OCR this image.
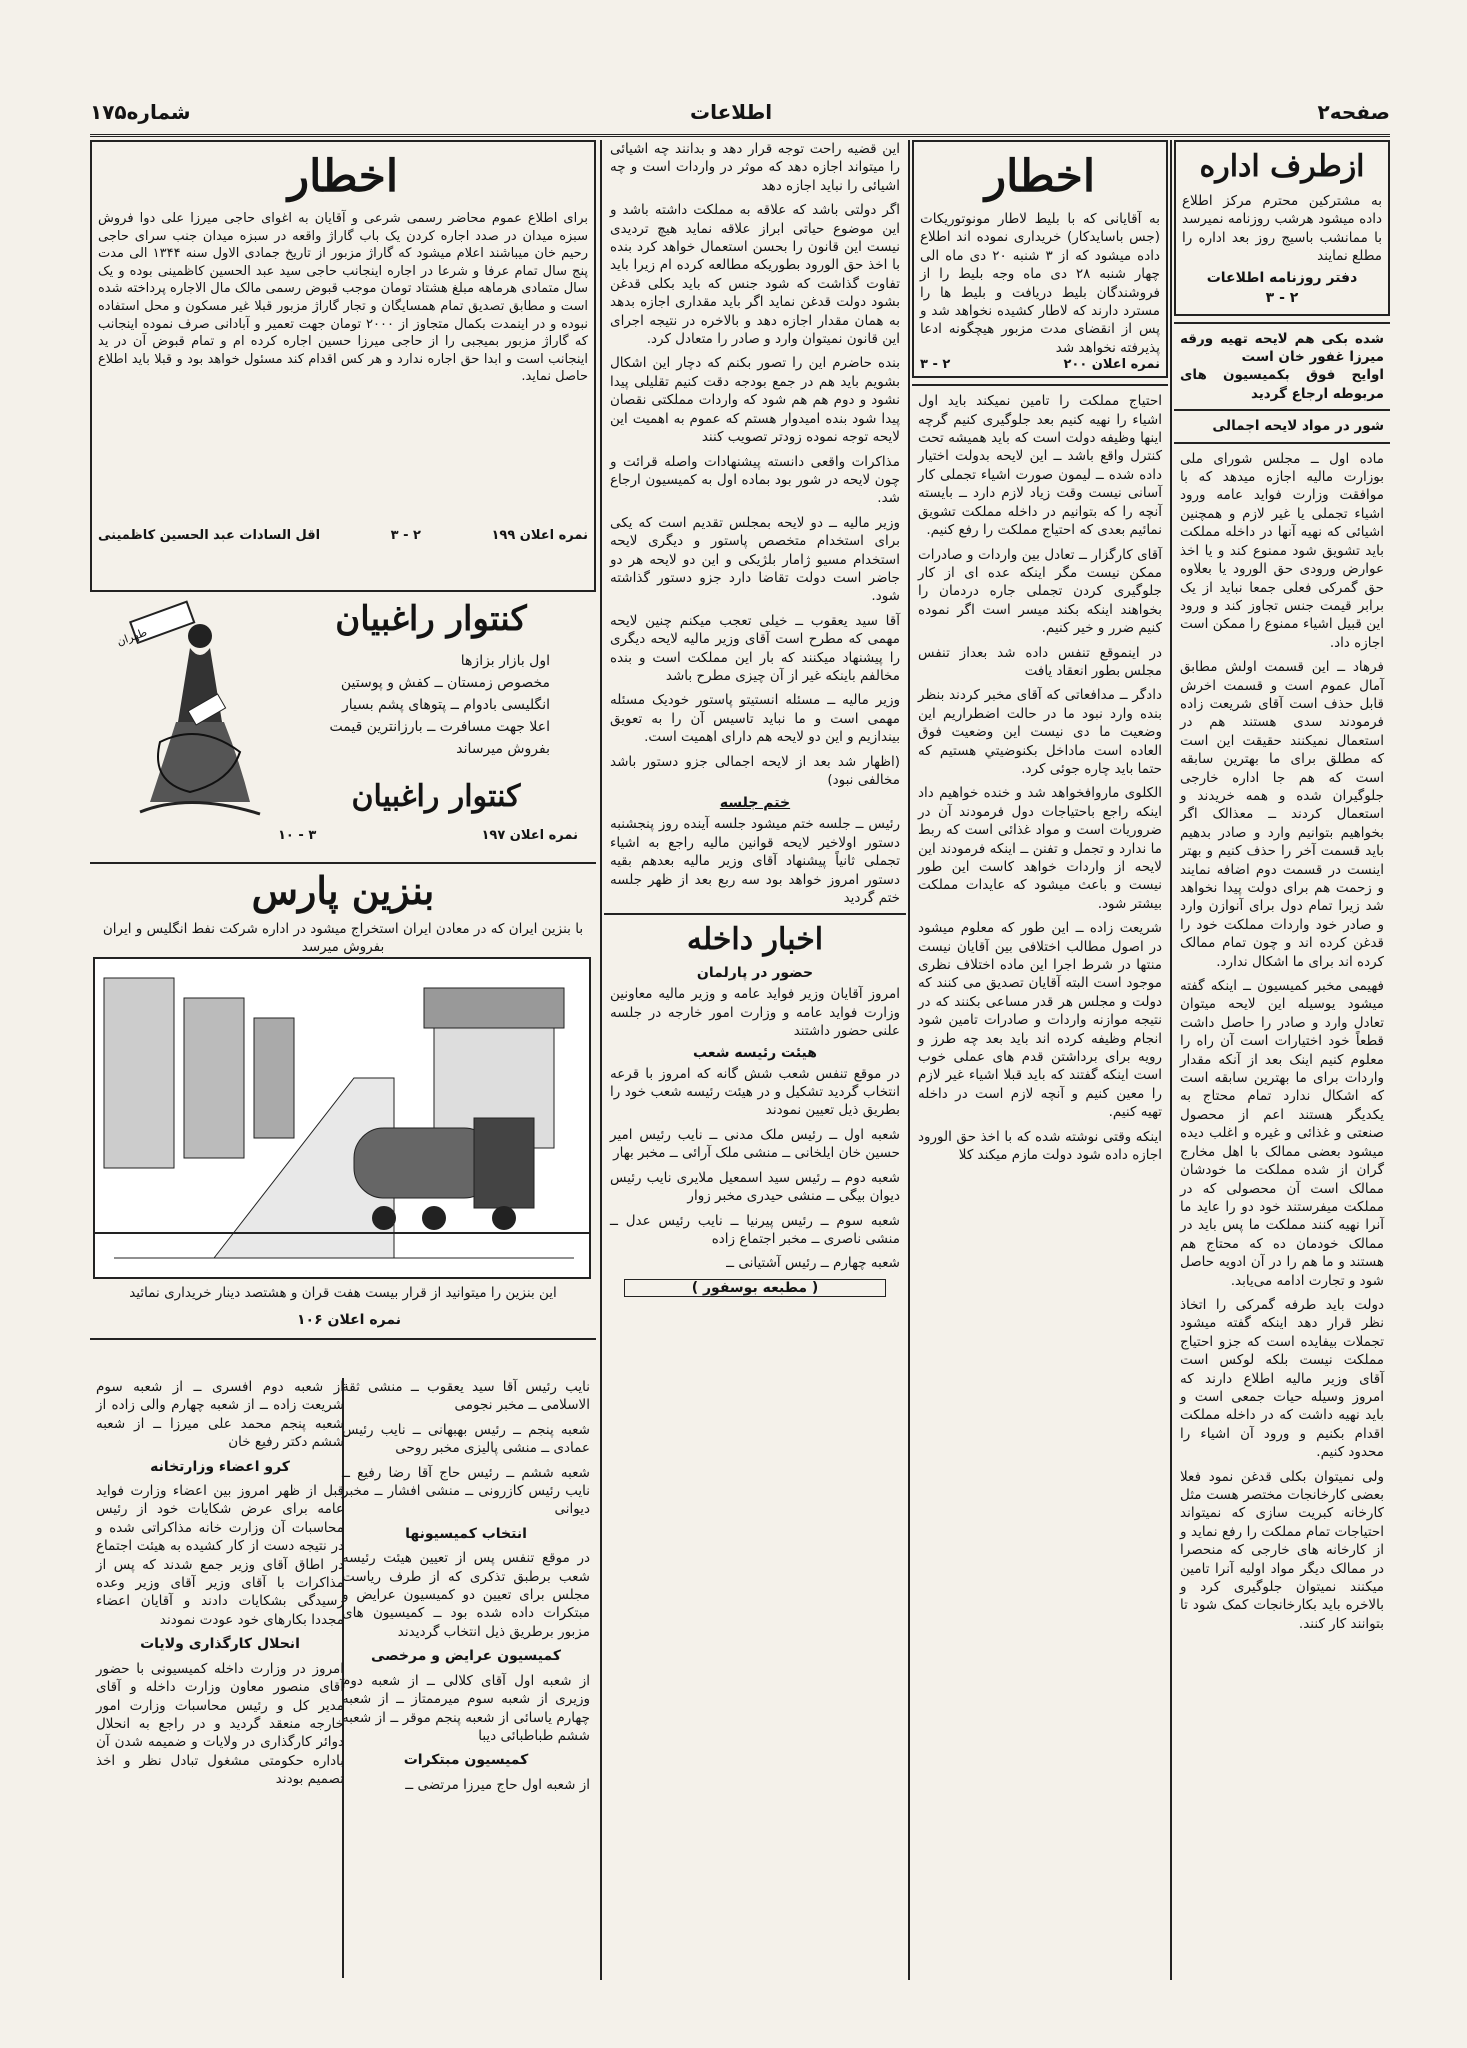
شماره۱۷۵	اطلاعات	صفحه۲
ازطرف اداره
به مشترکین محترم مرکز اطلاع داده میشود هرشب روزنامه نمیرسد با ممانشب باسیج روز بعد اداره را مطلع نمایند
دفتر روزنامه اطلاعات
۲ - ۳
شده بکی هم لایحه تهیه ورقه میرزا غفور خان است
اوایح فوق بکمیسیون های مربوطه ارجاع گردید
شور در مواد لایحه اجمالی

ماده اول ــ مجلس شورای ملی بوزارت مالیه اجازه میدهد که با موافقت وزارت فواید عامه ورود اشیاء تجملی یا غیر لازم و همچنین اشیائی که نهیه آنها در داخله مملکت باید تشویق شود ممنوع کند و یا اخذ عوارض ورودی حق الورود یا بعلاوه حق گمرکی فعلی جمعا نباید از یک برابر قیمت جنس تجاوز کند و ورود این قبیل اشیاء ممنوع را ممکن است اجازه داد.

فرهاد ــ این قسمت اولش مطابق آمال عموم است و قسمت اخرش قابل حذف است آقای شریعت زاده فرمودند سدی هستند هم در استعمال نمیکنند حقیقت این است که مطلق برای ما بهترین سابقه است که هم جا اداره خارجی جلوگیران شده و همه خریدند و استعمال کردند ــ معذالک اگر بخواهیم بتوانیم وارد و صادر بدهیم باید قسمت آخر را حذف کنیم و بهتر اینست در قسمت دوم اضافه نمایند و زحمت هم برای دولت پیدا نخواهد شد زیرا تمام دول برای آنوازن وارد و صادر خود واردات مملکت خود را قدغن کرده اند و چون تمام ممالک کرده اند برای ما اشکال ندارد.

فهیمی مخبر کمیسیون ــ اینکه گفته میشود یوسیله این لایحه میتوان تعادل وارد و صادر را حاصل داشت قطعاً خود اختیارات است آن راه را معلوم کنیم اینک بعد از آنکه مقدار واردات برای ما بهترین سابقه است که اشکال ندارد تمام محتاج به یکدیگر هستند اعم از محصول صنعتی و غذائی و غیره و اغلب دیده میشود بعضی ممالک با اهل مخارج گران از شده مملکت ما خودشان ممالک است آن محصولی که در مملکت میفرستند خود دو را عاید ما آنرا نهیه کنند مملکت ما پس باید در ممالک خودمان ده که محتاج هم هستند و ما هم را در آن ادویه حاصل شود و تجارت ادامه می‌یابد.

دولت باید طرفه گمرکی را اتخاذ نظر قرار دهد اینکه گفته میشود تجملات بیفایده است که جزو احتیاج مملکت نیست بلکه لوکس است آقای وزیر مالیه اطلاع دارند که امروز وسیله حیات جمعی است و باید نهیه داشت که در داخله مملکت اقدام بکنیم و ورود آن اشیاء را محدود کنیم.

ولی نمیتوان بکلی قدغن نمود فعلا بعضی کارخانجات مختصر هست مثل کارخانه کبریت سازی که نمیتواند احتیاجات تمام مملکت را رفع نماید و از کارخانه های خارجی که منحصرا در ممالک دیگر مواد اولیه آنرا تامین میکنند نمیتوان جلوگیری کرد و بالاخره باید بکارخانجات کمک شود تا بتوانند کار کنند.

اخطار
به آقایانی که با بلیط لاطار مونوتوریکات (جس باسایدکار) خریداری نموده اند اطلاع داده میشود که از ۳ شنبه ۲۰ دی ماه الی چهار شنبه ۲۸ دی ماه وجه بلیط را از فروشندگان بلیط دریافت و بلیط ها را مسترد دارند که لاطار کشیده نخواهد شد و پس از انقضای مدت مزبور هیچگونه ادعا پذیرفته نخواهد شد
نمره اعلان ۲۰۰
۲ - ۳

احتیاج مملکت را تامین نمیکند باید اول اشیاء را نهیه کنیم بعد جلوگیری کنیم گرچه اینها وظیفه دولت است که باید همیشه تحت کنترل واقع باشد ــ این لایحه بدولت اختیار داده شده ــ لیمون صورت اشیاء تجملی کار آسانی نیست وقت زیاد لازم دارد ــ بایسته آنچه را که بتوانیم در داخله مملکت تشویق نمائیم بعدی که احتیاج مملکت را رفع کنیم.

آقای کارگزار ــ تعادل بین واردات و صادرات ممکن نیست مگر اینکه عده ای از کار جلوگیری کردن تجملی جاره دردمان را بخواهند اینکه بکند میسر است اگر نموده کنیم ضرر و خیر کنیم.

در اینموقع تنفس داده شد بعداز تنفس مجلس بطور انعقاد یافت

دادگر ــ مدافعاتی که آقای مخبر کردند بنظر بنده وارد نبود ما در حالت اضطراریم این وضعیت ما دی نیست این وضعیت فوق العاده است ماداخل بكنوضيتي هستیم که حتما باید چاره جوئی کرد.

الکلوی ماروافخواهد شد و خنده خواهیم داد اینکه راجع باحتیاجات دول فرمودند آن در ضروریات است و مواد غذائی است که ربط ما ندارد و تجمل و تفنن ــ اینکه فرمودند این لایحه از واردات خواهد کاست این طور نیست و باعث میشود که عایدات مملکت بیشتر شود.

شریعت زاده ــ این طور که معلوم میشود در اصول مطالب اختلافی بین آقایان نیست منتها در شرط اجرا این ماده اختلاف نظری موجود است البته آقایان تصدیق می کنند که دولت و مجلس هر قدر مساعی بکنند که در نتیجه موازنه واردات و صادرات تامین شود انجام وظیفه کرده اند باید بعد چه طرز و رویه برای برداشتن قدم های عملی خوب است اینکه گفتند که باید قبلا اشیاء غیر لازم را معین کنیم و آنچه لازم است در داخله تهیه کنیم.

اینکه وقتی نوشته شده که با اخذ حق الورود اجازه داده شود دولت مازم میکند کلا

این قضیه راحت توجه قرار دهد و بدانند چه اشیائی را میتواند اجازه دهد که موثر در واردات است و چه اشیائی را نباید اجازه دهد

اگر دولتی باشد که علاقه به مملکت داشته باشد و این موضوع حیاتی ابراز علاقه نماید هیچ تردیدی نیست این قانون را بحسن استعمال خواهد کرد بنده با اخذ حق الورود بطوریکه مطالعه کرده ام زیرا باید تفاوت گذاشت که شود جنس که باید بکلی قدغن بشود دولت قدغن نماید اگر باید مقداری اجازه بدهد به همان مقدار اجازه دهد و بالاخره در نتیجه اجرای این قانون نمیتوان وارد و صادر را متعادل کرد.

بنده حاضرم این را تصور بکنم که دچار این اشکال بشویم باید هم در جمع بودجه دقت کنیم تقلیلی پیدا نشود و دوم هم هم شود که واردات مملکتی نقصان پیدا شود بنده امیدوار هستم که عموم به اهمیت این لایحه توجه نموده زودتر تصویب کنند

مذاکرات واقعی دانسته پیشنهادات واصله قرائت و چون لایحه در شور بود بماده اول به کمیسیون ارجاع شد.

وزیر مالیه ــ دو لایحه بمجلس تقدیم است که یکی برای استخدام متخصص پاستور و دیگری لایحه استخدام مسیو ژامار بلژیکی و این دو لایحه هر دو جاضر است دولت تقاضا دارد جزو دستور گذاشته شود.

آقا سید یعقوب ــ خیلی تعجب میکنم چنین لایحه مهمی که مطرح است آقای وزیر مالیه لایحه دیگری را پیشنهاد میکنند که بار این مملکت است و بنده مخالفم باینکه غیر از آن چیزی مطرح باشد

وزیر مالیه ــ مسئله انستیتو پاستور خودیک مسئله مهمی است و ما نباید تاسیس آن را به تعویق بیندازیم و این دو لایحه هم دارای اهمیت است.

(اظهار شد بعد از لایحه اجمالی جزو دستور باشد مخالفی نبود)

ختم جلسه
رئیس ــ جلسه ختم میشود جلسه آینده روز پنجشنبه دستور اولاخیر لایحه قوانین مالیه راجع به اشیاء تجملی ثانیاً پیشنهاد آقای وزیر مالیه بعدهم بقیه دستور امروز خواهد بود سه ربع بعد از ظهر جلسه ختم گردید
اخبار داخله
حضور در پارلمان
امروز آقایان وزیر فواید عامه و وزیر مالیه معاونین وزارت فواید عامه و وزارت امور خارجه در جلسه علنی حضور داشتند
هیئت رئیسه شعب

در موقع تنفس شعب شش گانه که امروز با قرعه انتخاب گردید تشکیل و در هیئت رئیسه شعب خود را بطریق ذیل تعیین نمودند

شعبه اول ــ رئیس ملک مدنی ــ نایب رئیس امیر حسین خان ایلخانی ــ منشی ملک آرائی ــ مخبر بهار

شعبه دوم ــ رئیس سید اسمعیل ملایری نایب رئیس دیوان بیگی ــ منشی حیدری مخبر زوار

شعبه سوم ــ رئیس پیرنیا ــ نایب رئیس عدل ــ منشی ناصری ــ مخبر اجتماع زاده

شعبه چهارم ــ رئیس آشتیانی ــ

( مطبعه بوسفور )
اخطار
برای اطلاع عموم محاضر رسمی شرعی و آقایان به اغوای حاجی میرزا علی دوا فروش سبزه میدان در صدد اجاره کردن یک باب گاراژ واقعه در سبزه میدان جنب سرای حاجی رحیم خان میباشند اعلام میشود که گاراژ مزبور از تاریخ جمادی الاول سنه ۱۳۴۴ الی مدت پنج سال تمام عرفا و شرعا در اجاره اینجانب حاجی سید عبد الحسین کاظمینی بوده و یک سال متمادی هرماهه مبلغ هشتاد تومان موجب قبوض رسمی مالک مال الاجاره پرداخته شده است و مطابق تصدیق تمام همسایگان و تجار گاراژ مزبور قبلا غیر مسکون و محل استفاده نبوده و در اینمدت بکمال متجاوز از ۲۰۰۰ تومان جهت تعمیر و آبادانی صرف نموده اینجانب که گاراژ مزبور بمیجبی را از حاجی میرزا حسین اجاره کرده ام و تمام قبوض آن در ید اینجانب است و ابدا حق اجاره ندارد و هر کس اقدام کند مسئول خواهد بود و قبلا باید اطلاع حاصل نماید.
نمره اعلان ۱۹۹
۲ - ۳
اقل السادات عبد الحسین کاظمینی
کنتوار راغبیان
اول بازار بزازها
مخصوص زمستان ــ کفش و پوستین
انگلیسی بادوام ــ پتوهای پشم بسیار
اعلا جهت مسافرت ــ بارزانترین قیمت
بفروش میرساند
کنتوار راغبیان
نمره اعلان ۱۹۷
۳ - ۱۰
طهران
بنزین پارس
با بنزین ایران که در معادن ایران استخراج میشود در اداره شرکت نفط انگلیس و ایران بفروش میرسد
این بنزین را میتوانید از قرار بیست هفت قران و هشتصد دینار خریداری نمائید
نمره اعلان ۱۰۶

نایب رئیس آقا سید یعقوب ــ منشی ثقة الاسلامی ــ مخبر نجومی

شعبه پنجم ــ رئیس بهبهانی ــ نایب رئیس عمادی ــ منشی پالیزی مخبر روحی

شعبه ششم ــ رئیس حاج آقا رضا رفیع ــ نایب رئیس کازرونی ــ منشی افشار ــ مخبر دیوانی

انتخاب کمیسیونها

در موقع تنفس پس از تعیین هیئت رئیسه شعب برطبق تذکری که از طرف ریاست مجلس برای تعیین دو کمیسیون عرایض و مبتکرات داده شده بود ــ کمیسیون های مزبور برطریق ذیل انتخاب گردیدند

کمیسیون عرایض و مرخصی

از شعبه اول آقای کلالی ــ از شعبه دوم وزیری از شعبه سوم میرممتاز ــ از شعبه چهارم یاسائی از شعبه پنجم موقر ــ از شعبه ششم طباطبائی دیبا

کمیسیون مبتکرات

از شعبه اول حاج میرزا مرتضی ــ

از شعبه دوم افسری ــ از شعبه سوم شریعت زاده ــ از شعبه چهارم والی زاده از شعبه پنجم محمد علی میرزا ــ از شعبه ششم دکتر رفیع خان

کرو اعضاء وزارتخانه

قبل از ظهر امروز بین اعضاء وزارت فواید عامه برای عرض شکایات خود از رئیس محاسبات آن وزارت خانه مذاکراتی شده و در نتیجه دست از کار کشیده به هیئت اجتماع در اطاق آقای وزیر جمع شدند که پس از مذاکرات با آقای وزیر آقای وزیر وعده رسیدگی بشکایات دادند و آقایان اعضاء مجددا بکارهای خود عودت نمودند

انحلال کارگذاری ولایات

امروز در وزارت داخله کمیسیونی با حضور آقای منصور معاون وزارت داخله و آقای مدیر کل و رئیس محاسبات وزارت امور خارجه منعقد گردید و در راجع به انحلال دوائر کارگذاری در ولایات و ضمیمه شدن آن باداره حکومتی مشغول تبادل نظر و اخذ تصمیم بودند
